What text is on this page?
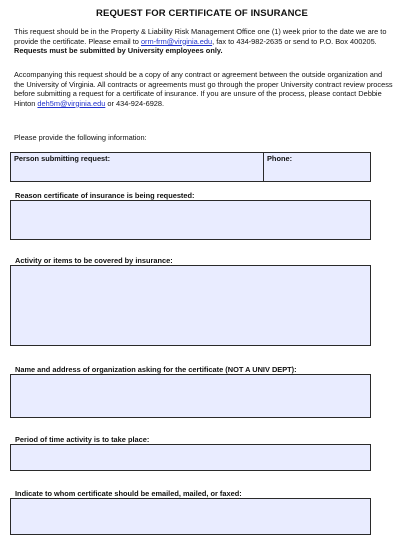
REQUEST FOR CERTIFICATE OF INSURANCE

This request should be in the Property & Liability Risk Management Office one (1) week prior to the date we are to provide the certificate. Please email to orm-frm@virginia.edu, fax to 434-982-2635 or send to P.O. Box 400205. Requests must be submitted by University employees only.

Accompanying this request should be a copy of any contract or agreement between the outside organization and the University of Virginia. All contracts or agreements must go through the proper University contract review process before submitting a request for a certificate of insurance. If you are unsure of the process, please contact Debbie Hinton deh5m@virginia.edu or 434-924-6928.

Please provide the following information:

Person submitting request:	Phone:
Reason certificate of insurance is being requested:
Activity or items to be covered by insurance:
Name and address of organization asking for the certificate (NOT A UNIV DEPT):
Period of time activity is to take place:
Indicate to whom certificate should be emailed, mailed, or faxed:
